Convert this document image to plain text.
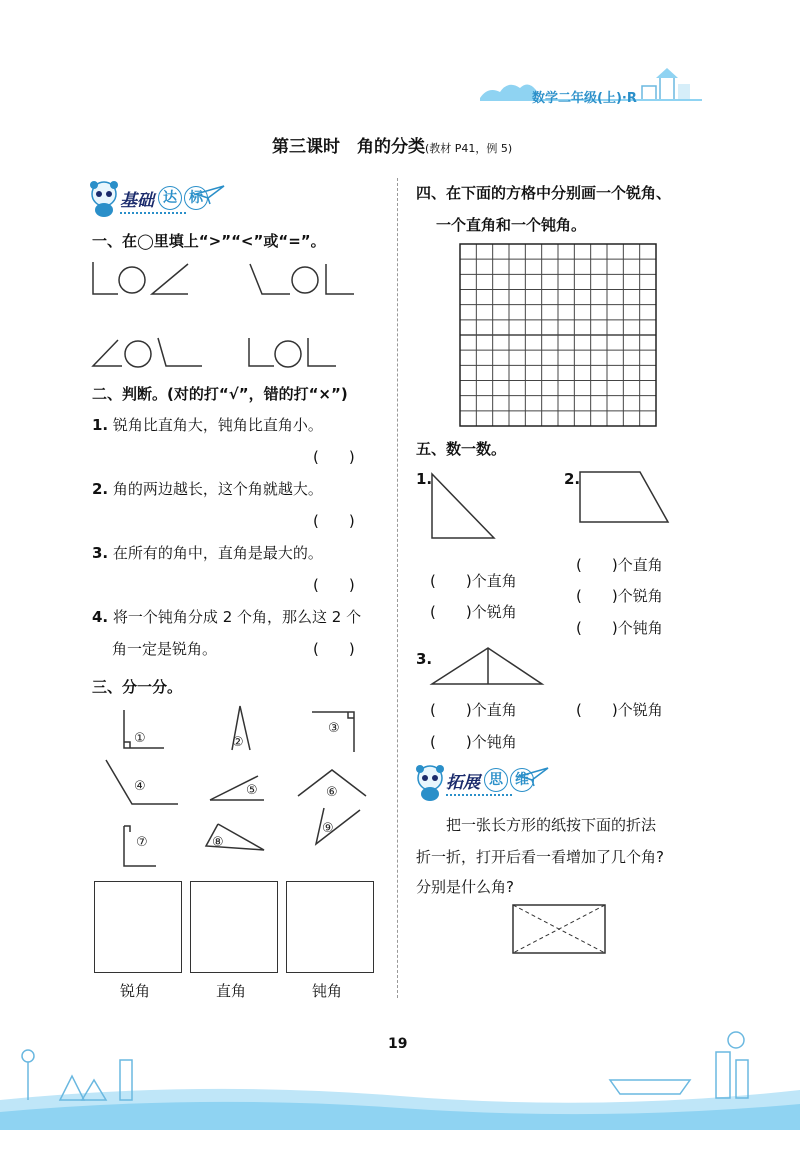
数学二年级(上)·R
第三课时　角的分类(教材 P41，例 5)
基础 达 标
一、在◯里填上“>”“<”或“=”。
二、判断。(对的打“√”，错的打“×”)
1. 锐角比直角大，钝角比直角小。
(　　)
2. 角的两边越长，这个角就越大。
(　　)
3. 在所有的角中，直角是最大的。
(　　)
4. 将一个钝角分成 2 个角，那么这 2 个
角一定是锐角。	(　　)
三、分一分。
①	②
③
④	⑤	⑥
⑦	⑧
⑨
锐角	直角	钝角
四、在下面的方格中分别画一个锐角、
一个直角和一个钝角。
五、数一数。
1.
(　　)个直角
(　　)个锐角
2.
(　　)个直角
(　　)个锐角
(　　)个钝角
3.
(　　)个直角	(　　)个锐角
(　　)个钝角
拓展 思 维
把一张长方形的纸按下面的折法
折一折，打开后看一看增加了几个角?
分别是什么角?
19
